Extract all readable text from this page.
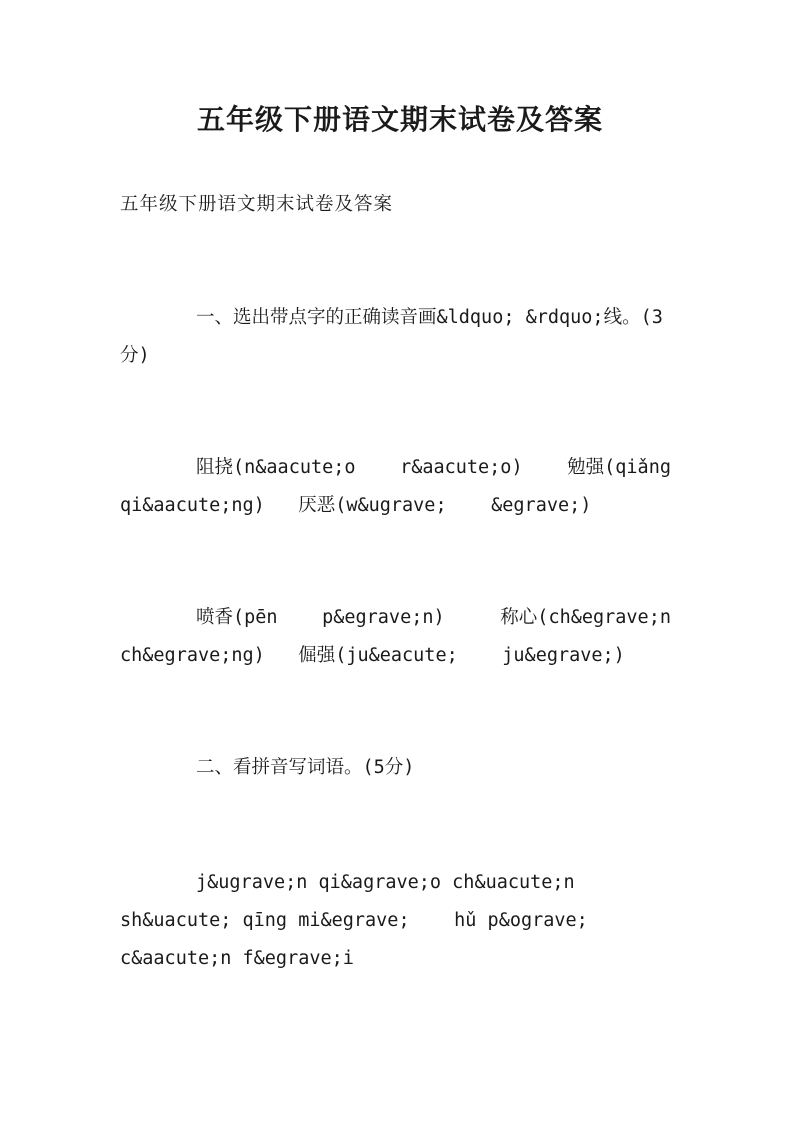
五年级下册语文期末试卷及答案

五年级下册语文期末试卷及答案

一、选出带点字的正确读音画&ldquo; &rdquo;线。(3分)

阻挠(n&aacute;o    r&aacute;o)    勉强(qiǎng qi&aacute;ng)   厌恶(w&ugrave;    &egrave;)

喷香(pēn    p&egrave;n)     称心(ch&egrave;n ch&egrave;ng)   倔强(ju&eacute;    ju&egrave;)

二、看拼音写词语。(5分)

j&ugrave;n qi&agrave;o ch&uacute;n sh&uacute; qīng mi&egrave;    hǔ p&ograve;      c&aacute;n f&egrave;i
